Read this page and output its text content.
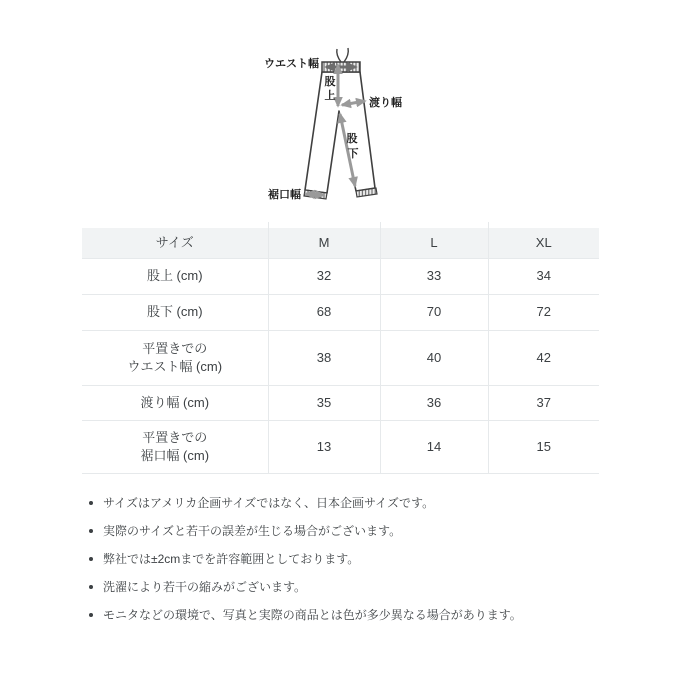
ウエスト幅
股
上
渡り幅
股
下
裾口幅

サイズ	M	L	XL

股上 (cm)	32	33	34

股下 (cm)	68	70	72

平置きでの
ウエスト幅 (cm)	38	40	42

渡り幅 (cm)	35	36	37

平置きでの
裾口幅 (cm)	13	14	15
サイズはアメリカ企画サイズではなく、日本企画サイズです。
実際のサイズと若干の誤差が生じる場合がございます。
弊社では±2cmまでを許容範囲としております。
洗濯により若干の縮みがございます。
モニタなどの環境で、写真と実際の商品とは色が多少異なる場合があります。
